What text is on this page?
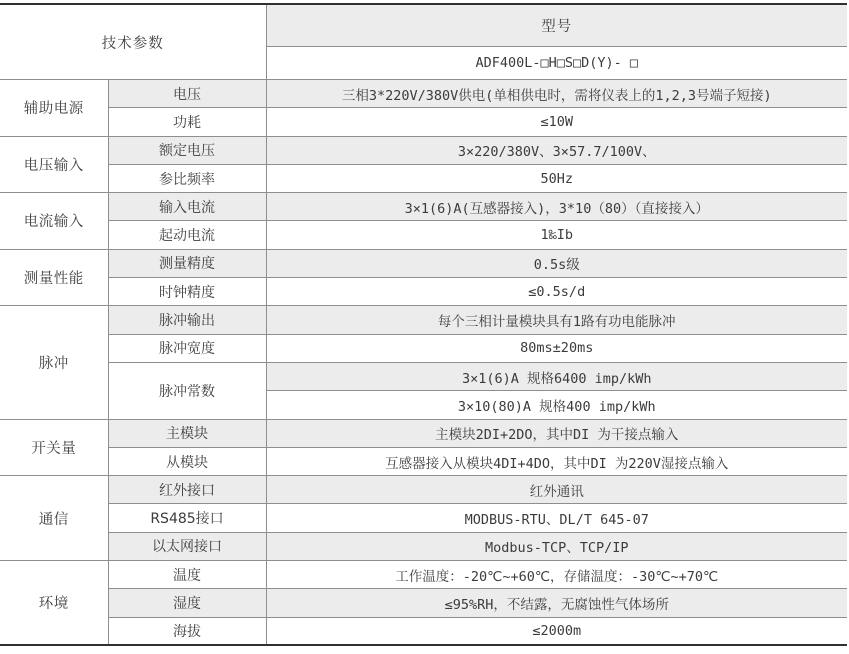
技术参数		型号
		ADF400L-□H□S□D(Y)- □
辅助电源	电压	三相3*220V/380V供电(单相供电时，需将仪表上的1,2,3号端子短接)
	功耗	≤10W
电压输入	额定电压	3×220/380V、3×57.7/100V、
	参比频率	50Hz
电流输入	输入电流	3×1(6)A(互感器接入)，3*10（80）（直接接入）
	起动电流	1‰Ib
测量性能	测量精度	0.5s级
	时钟精度	≤0.5s/d
脉冲	脉冲输出	每个三相计量模块具有1路有功电能脉冲
	脉冲宽度	80ms±20ms
	脉冲常数	3×1(6)A 规格6400 imp/kWh
		3×10(80)A 规格400 imp/kWh
开关量	主模块	主模块2DI+2DO，其中DI 为干接点输入
	从模块	互感器接入从模块4DI+4DO，其中DI 为220V湿接点输入
通信	红外接口	红外通讯
	RS485接口	MODBUS-RTU、DL/T 645-07
	以太网接口	Modbus-TCP、TCP/IP
环境	温度	工作温度：-20℃~+60℃，存储温度：-30℃~+70℃
	湿度	≤95%RH，不结露，无腐蚀性气体场所
	海拔	≤2000m
